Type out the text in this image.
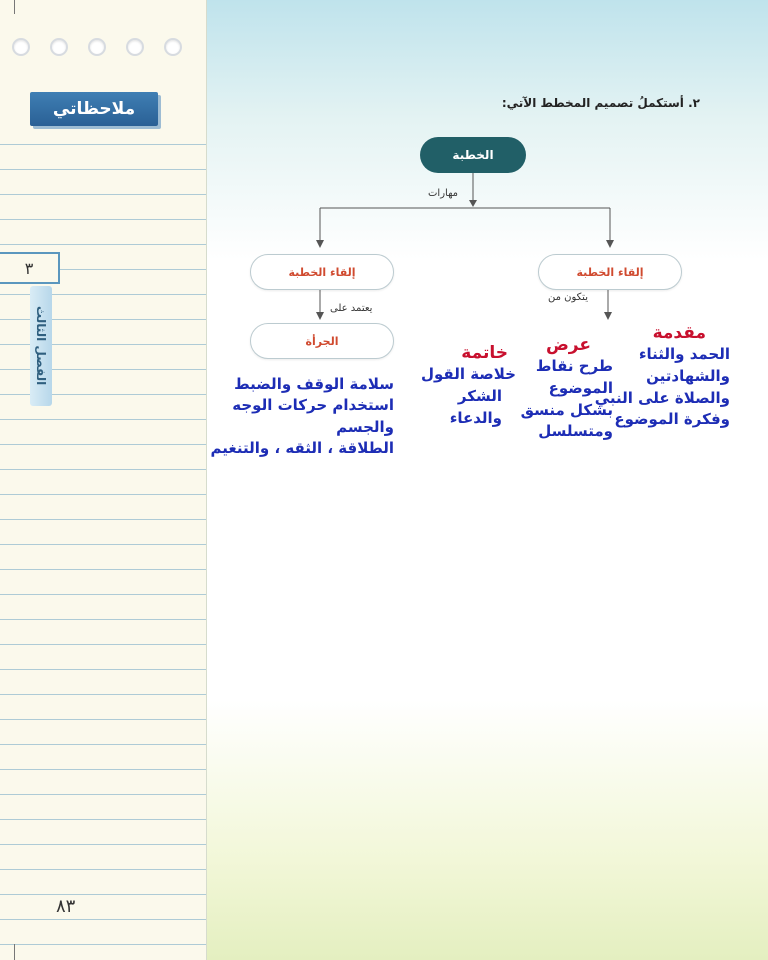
ملاحظاتي
٣
الفصل الثالث
٨٣
٢. أستكملُ تصميم المخطط الآتي:
الخطبة
مهارات
إلقاء الخطبة
إلقاء الخطبة
يتكون من
يعتمد على
الجرأة	مقدمة
الحمد والثناء
والشهادتين
والصلاة على النبي
وفكرة الموضوع
عرض
طرح نقاط
الموضوع
بشكل منسق
ومتسلسل
خاتمة
خلاصة القول
الشكر
والدعاء
سلامة الوقف والضبط
استخدام حركات الوجه
والجسم
الطلاقة ، الثقه ، والتنغيم
